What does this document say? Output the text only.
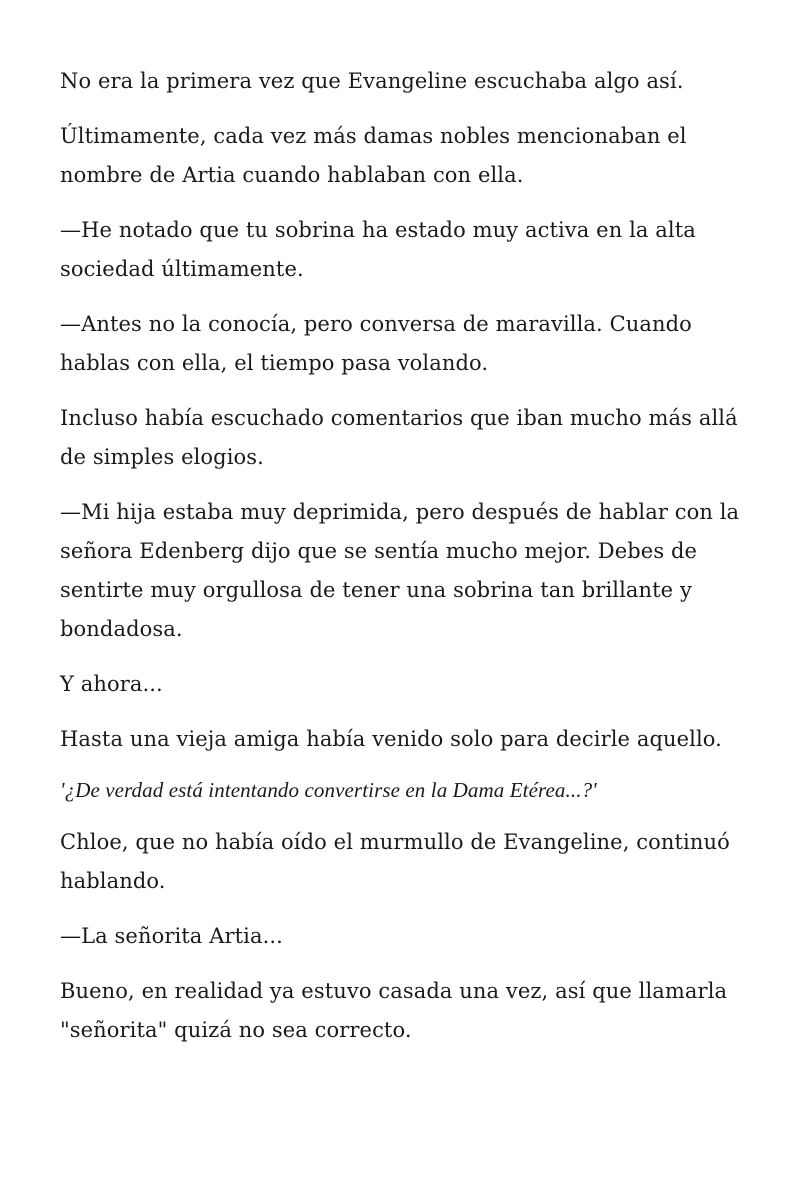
No era la primera vez que Evangeline escuchaba algo así.

Últimamente, cada vez más damas nobles mencionaban el nombre de Artia cuando hablaban con ella.

—He notado que tu sobrina ha estado muy activa en la alta sociedad últimamente.

—Antes no la conocía, pero conversa de maravilla. Cuando hablas con ella, el tiempo pasa volando.

Incluso había escuchado comentarios que iban mucho más allá de simples elogios.

—Mi hija estaba muy deprimida, pero después de hablar con la señora Edenberg dijo que se sentía mucho mejor. Debes de sentirte muy orgullosa de tener una sobrina tan brillante y bondadosa.

Y ahora...

Hasta una vieja amiga había venido solo para decirle aquello.

'¿De verdad está intentando convertirse en la Dama Etérea...?'

Chloe, que no había oído el murmullo de Evangeline, continuó hablando.

—La señorita Artia...

Bueno, en realidad ya estuvo casada una vez, así que llamarla "señorita" quizá no sea correcto.
